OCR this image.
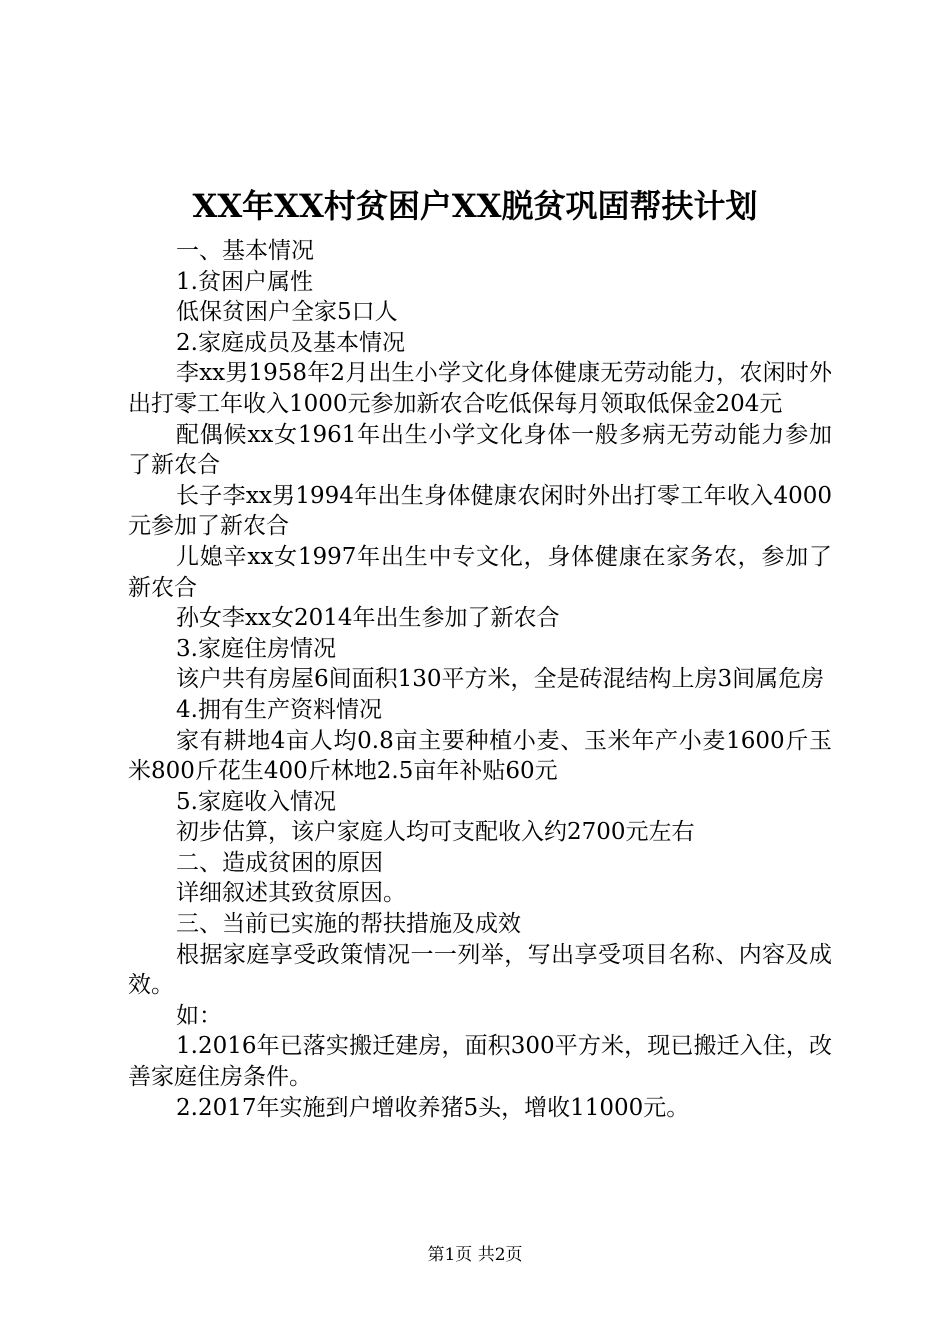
XX年XX村贫困户XX脱贫巩固帮扶计划

一、基本情况

1.贫困户属性

低保贫困户全家5口人

2.家庭成员及基本情况

李xx男1958年2月出生小学文化身体健康无劳动能力，农闲时外出打零工年收入1000元参加新农合吃低保每月领取低保金204元

配偶候xx女1961年出生小学文化身体一般多病无劳动能力参加了新农合

长子李xx男1994年出生身体健康农闲时外出打零工年收入4000元参加了新农合

儿媳辛xx女1997年出生中专文化，身体健康在家务农，参加了新农合

孙女李xx女2014年出生参加了新农合

3.家庭住房情况

该户共有房屋6间面积130平方米，全是砖混结构上房3间属危房

4.拥有生产资料情况

家有耕地4亩人均0.8亩主要种植小麦、玉米年产小麦1600斤玉米800斤花生400斤林地2.5亩年补贴60元

5.家庭收入情况

初步估算，该户家庭人均可支配收入约2700元左右

二、造成贫困的原因

详细叙述其致贫原因。

三、当前已实施的帮扶措施及成效

根据家庭享受政策情况一一列举，写出享受项目名称、内容及成效。

如：

1.2016年已落实搬迁建房，面积300平方米，现已搬迁入住，改善家庭住房条件。

2.2017年实施到户增收养猪5头，增收11000元。

第1页 共2页
